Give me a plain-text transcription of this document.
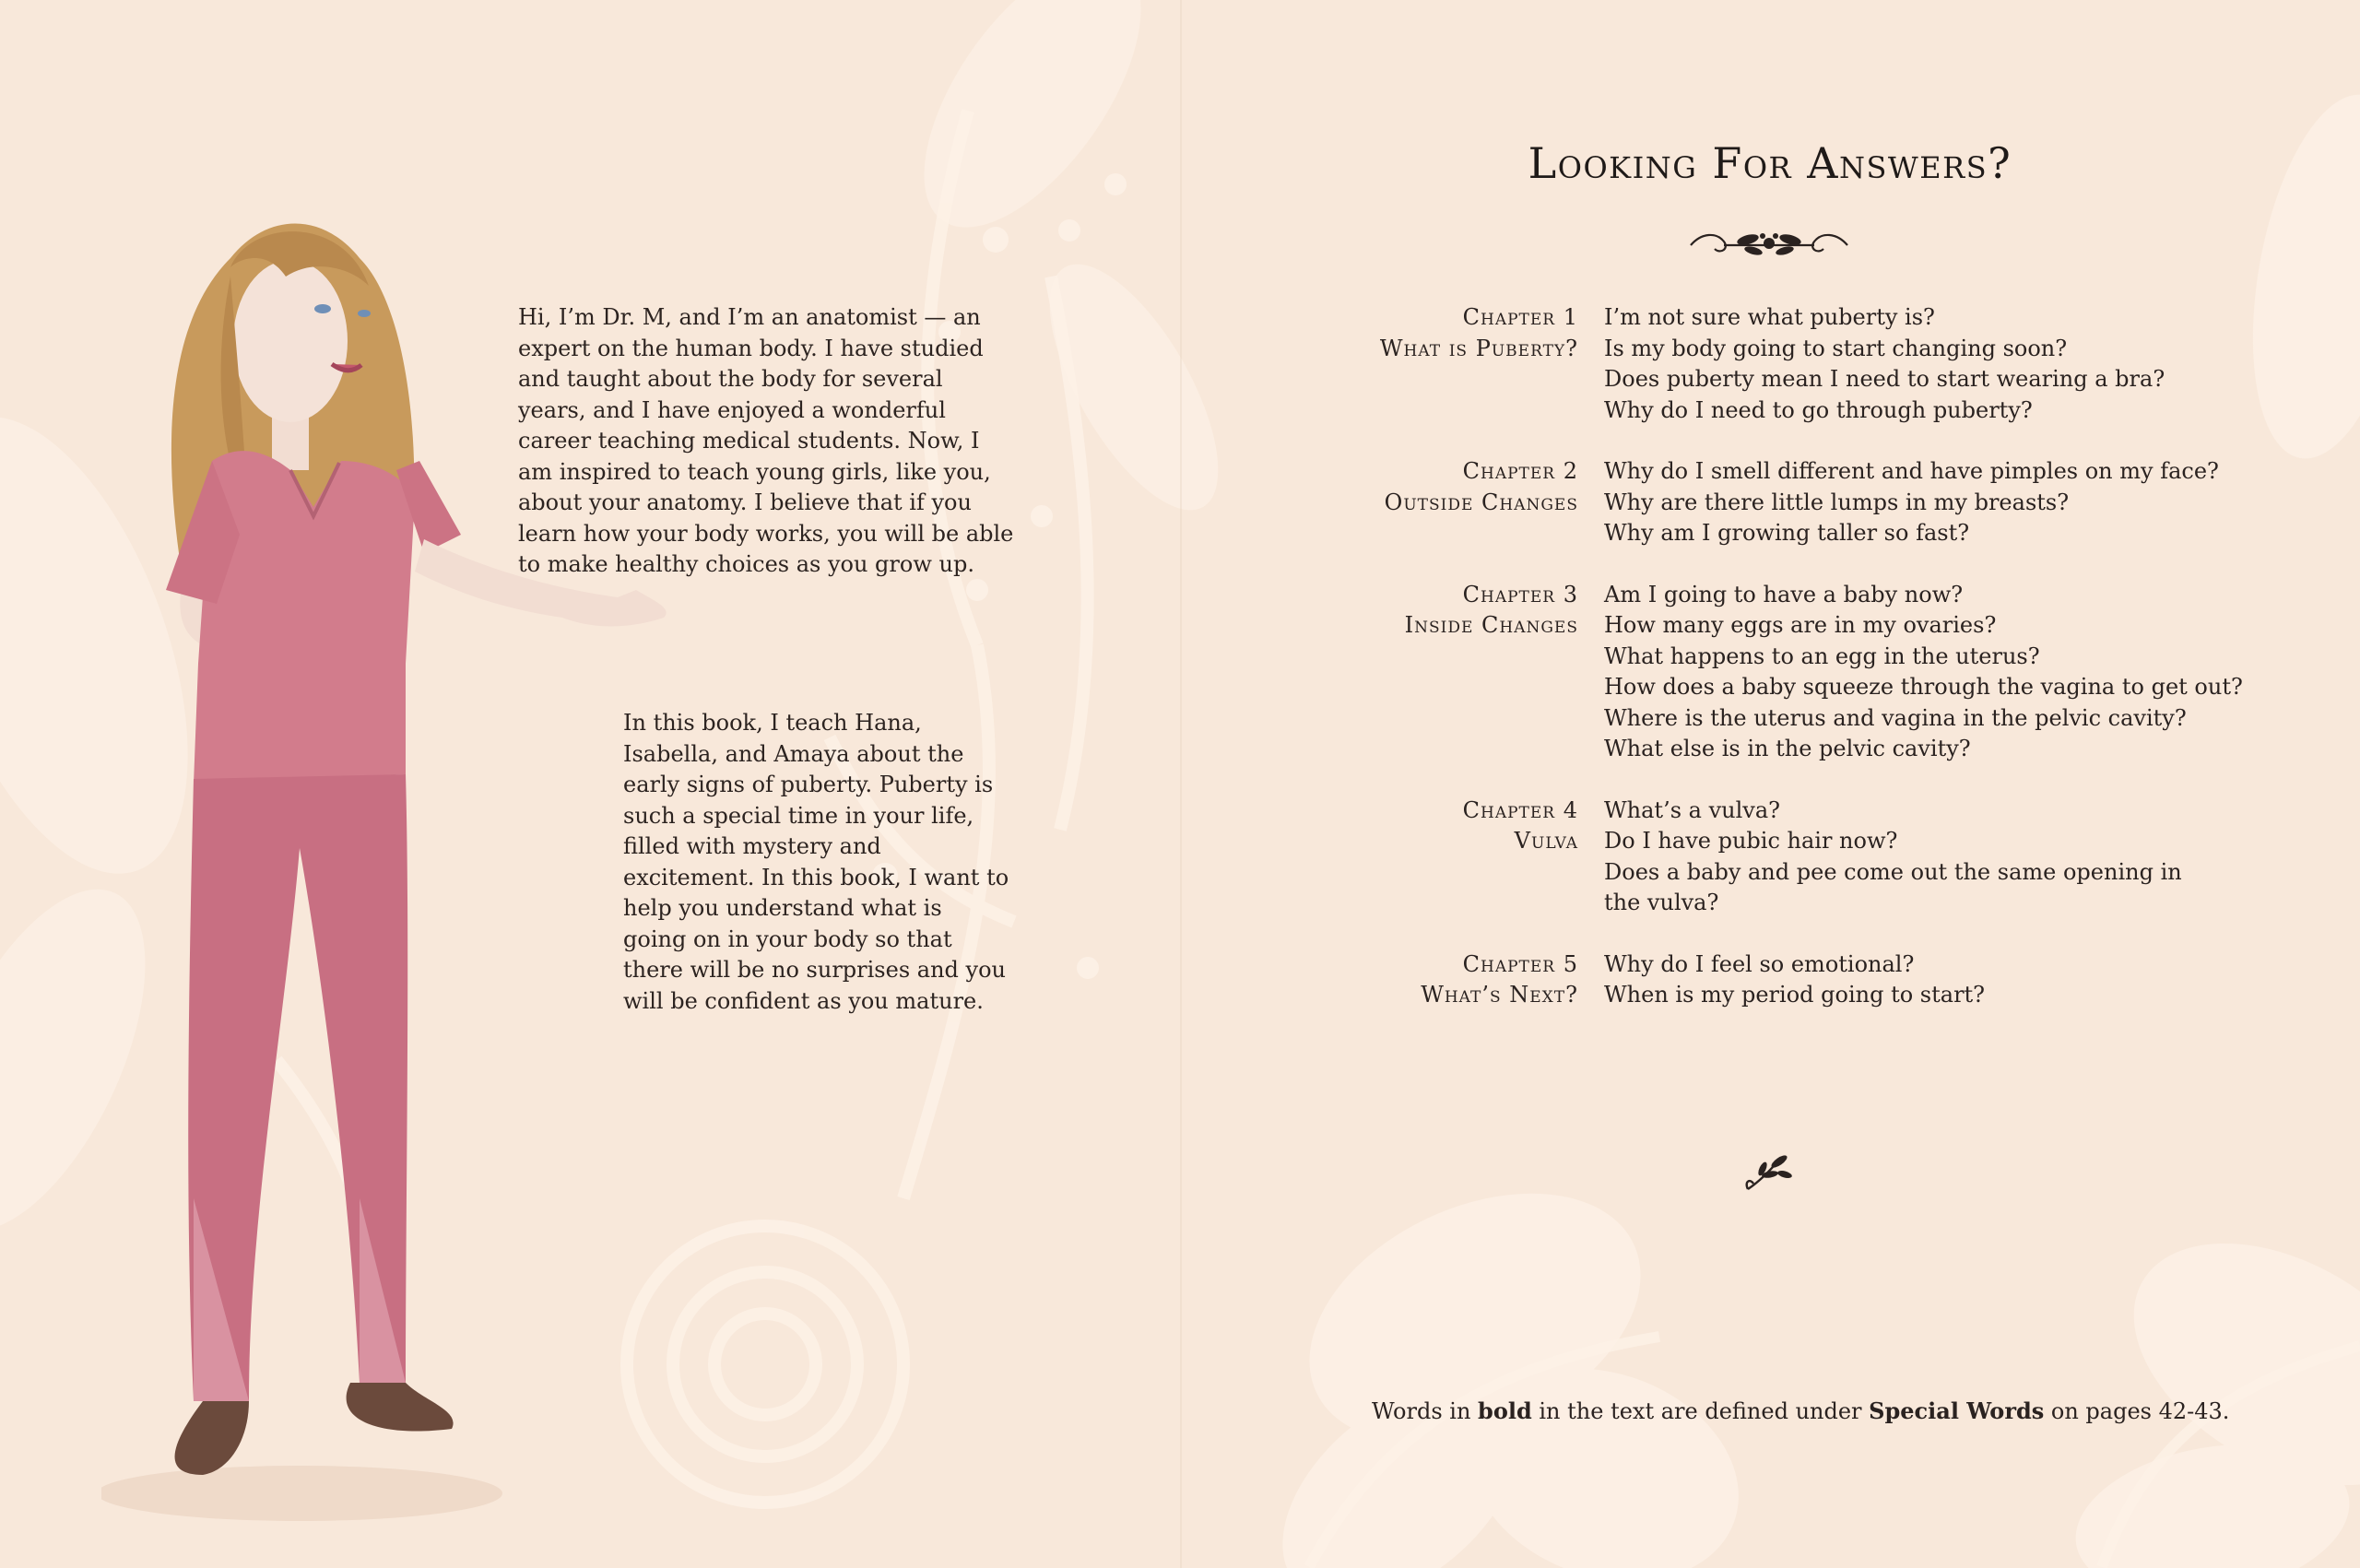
Hi, I’m Dr. M, and I’m an anatomist — an expert on the human body. I have studied and taught about the body for several years, and I have enjoyed a wonderful career teaching medical students. Now, I am inspired to teach young girls, like you, about your anatomy. I believe that if you learn how your body works, you will be able to make healthy choices as you grow up.
In this book, I teach Hana, Isabella, and Amaya about the early signs of puberty. Puberty is such a special time in your life, filled with mystery and excitement. In this book, I want to help you understand what is going on in your body so that there will be no surprises and you will be confident as you mature.
Looking For Answers?
Chapter 1
What is Puberty?
I’m not sure what puberty is?
Is my body going to start changing soon?
Does puberty mean I need to start wearing a bra?
Why do I need to go through puberty?
Chapter 2
Outside Changes
Why do I smell different and have pimples on my face?
Why are there little lumps in my breasts?
Why am I growing taller so fast?
Chapter 3
Inside Changes
Am I going to have a baby now?
How many eggs are in my ovaries?
What happens to an egg in the uterus?
How does a baby squeeze through the vagina to get out?
Where is the uterus and vagina in the pelvic cavity?
What else is in the pelvic cavity?
Chapter 4
Vulva
What’s a vulva?
Do I have pubic hair now?
Does a baby and pee come out the same opening in
the vulva?
Chapter 5
What’s Next?
Why do I feel so emotional?
When is my period going to start?
Words in bold in the text are defined under Special Words on pages 42-43.
